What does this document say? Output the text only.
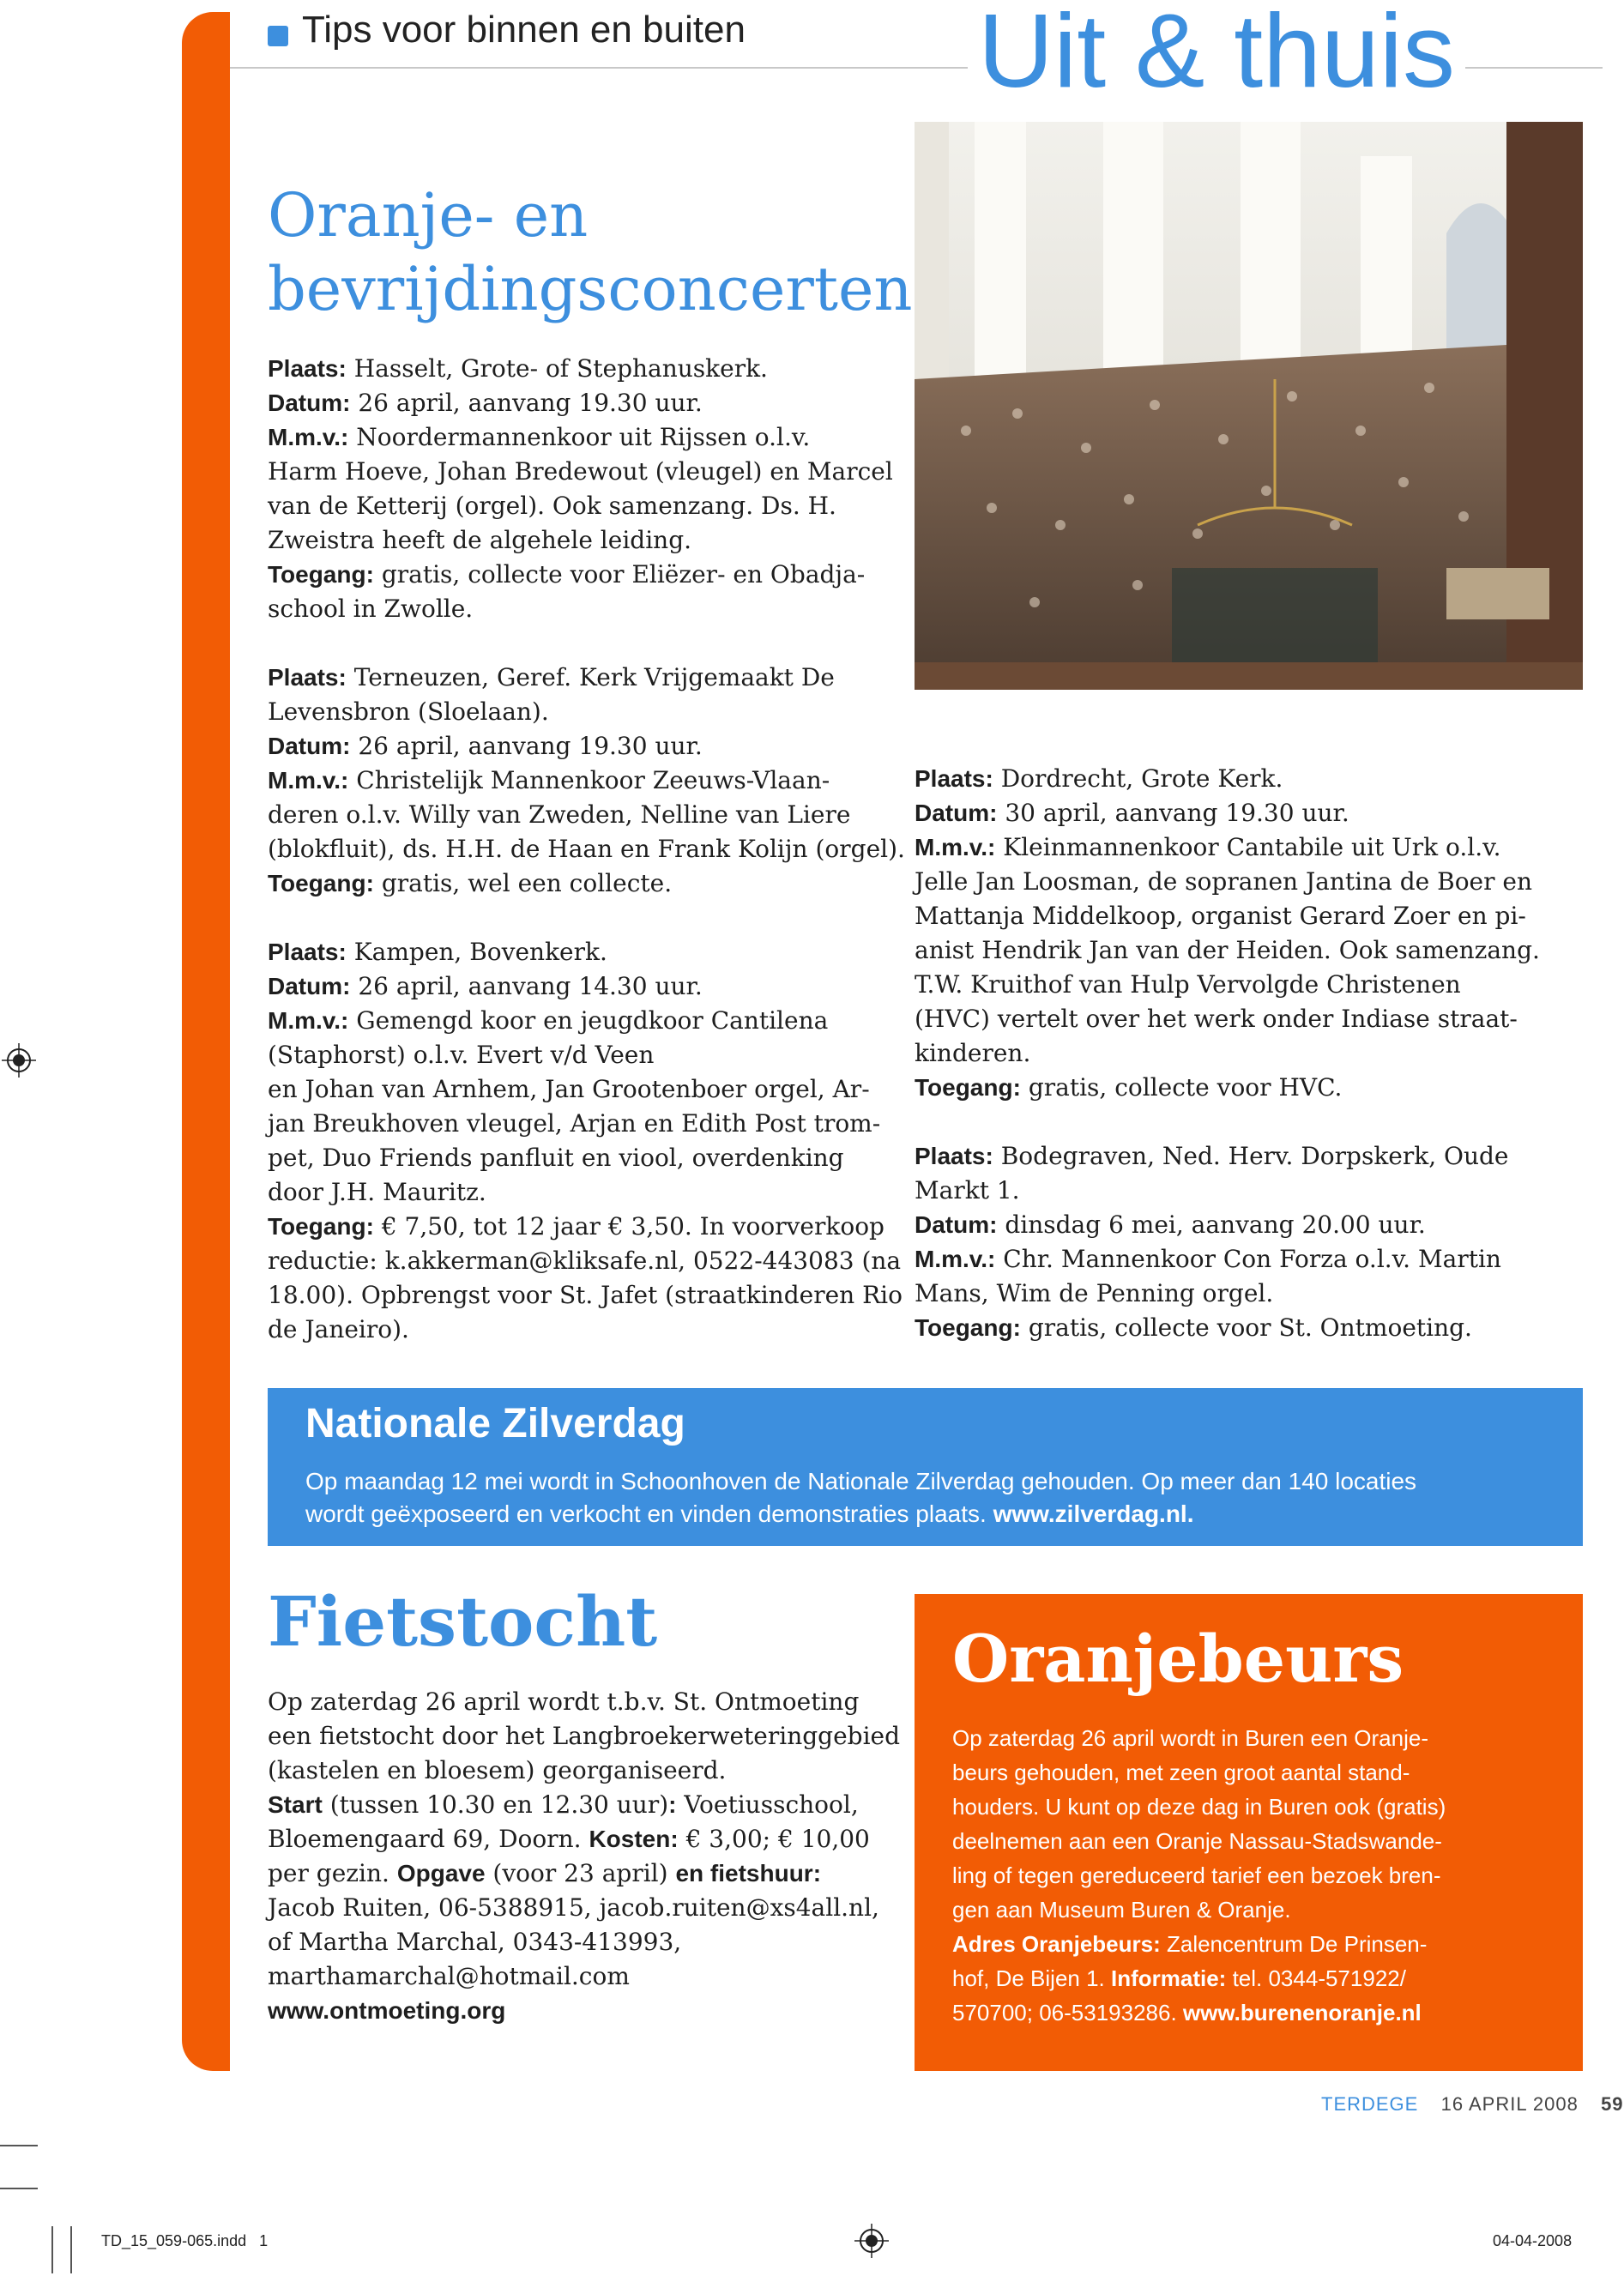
Tips voor binnen en buiten Uit & thuis
Oranje- en
bevrijdingsconcerten

Plaats: Hasselt, Grote- of Stephanuskerk.

Datum: 26 april, aanvang 19.30 uur.

M.m.v.: Noordermannenkoor uit Rijssen o.l.v.

Harm Hoeve, Johan Bredewout (vleugel) en Marcel

van de Ketterij (orgel). Ook samenzang. Ds. H.

Zweistra heeft de algehele leiding.

Toegang: gratis, collecte voor Eliëzer- en Obadja-

school in Zwolle.

Plaats: Terneuzen, Geref. Kerk Vrijgemaakt De

Levensbron (Sloelaan).

Datum: 26 april, aanvang 19.30 uur.

M.m.v.: Christelijk Mannenkoor Zeeuws-Vlaan-

deren o.l.v. Willy van Zweden, Nelline van Liere

(blokfluit), ds. H.H. de Haan en Frank Kolijn (orgel).

Toegang: gratis, wel een collecte.

Plaats: Kampen, Bovenkerk.

Datum: 26 april, aanvang 14.30 uur.

M.m.v.: Gemengd koor en jeugdkoor Cantilena

(Staphorst) o.l.v. Evert v/d Veen

en Johan van Arnhem, Jan Grootenboer orgel, Ar-

jan Breukhoven vleugel, Arjan en Edith Post trom-

pet, Duo Friends panfluit en viool, overdenking

door J.H. Mauritz.

Toegang: € 7,50, tot 12 jaar € 3,50. In voorverkoop

reductie: k.akkerman@kliksafe.nl, 0522-443083 (na

18.00). Opbrengst voor St. Jafet (straatkinderen Rio

de Janeiro).

Plaats: Dordrecht, Grote Kerk.

Datum: 30 april, aanvang 19.30 uur.

M.m.v.: Kleinmannenkoor Cantabile uit Urk o.l.v.

Jelle Jan Loosman, de sopranen Jantina de Boer en

Mattanja Middelkoop, organist Gerard Zoer en pi-

anist Hendrik Jan van der Heiden. Ook samenzang.

T.W. Kruithof van Hulp Vervolgde Christenen

(HVC) vertelt over het werk onder Indiase straat-

kinderen.

Toegang: gratis, collecte voor HVC.

Plaats: Bodegraven, Ned. Herv. Dorpskerk, Oude

Markt 1.

Datum: dinsdag 6 mei, aanvang 20.00 uur.

M.m.v.: Chr. Mannenkoor Con Forza o.l.v. Martin

Mans, Wim de Penning orgel.

Toegang: gratis, collecte voor St. Ontmoeting.

Nationale Zilverdag
Op maandag 12 mei wordt in Schoonhoven de Nationale Zilverdag gehouden. Op meer dan 140 locaties
wordt geëxposeerd en verkocht en vinden demonstraties plaats. www.zilverdag.nl.
Fietstocht

Op zaterdag 26 april wordt t.b.v. St. Ontmoeting

een fietstocht door het Langbroekerweteringgebied

(kastelen en bloesem) georganiseerd.

Start (tussen 10.30 en 12.30 uur): Voetiusschool,

Bloemengaard 69, Doorn. Kosten: € 3,00; € 10,00

per gezin. Opgave (voor 23 april) en fietshuur:

Jacob Ruiten, 06-5388915, jacob.ruiten@xs4all.nl,

of Martha Marchal, 0343-413993,

marthamarchal@hotmail.com

www.ontmoeting.org

Oranjebeurs
Op zaterdag 26 april wordt in Buren een Oranje-
beurs gehouden, met zeen groot aantal stand-
houders. U kunt op deze dag in Buren ook (gratis)
deelnemen aan een Oranje Nassau-Stadswande-
ling of tegen gereduceerd tarief een bezoek bren-
gen aan Museum Buren & Oranje.
Adres Oranjebeurs: Zalencentrum De Prinsen-
hof, De Bijen 1. Informatie: tel. 0344-571922/
570700; 06-53193286. www.burenenoranje.nl
TERDEGE 16 APRIL 2008 59
TD_15_059-065.indd   1	04-04-2008
